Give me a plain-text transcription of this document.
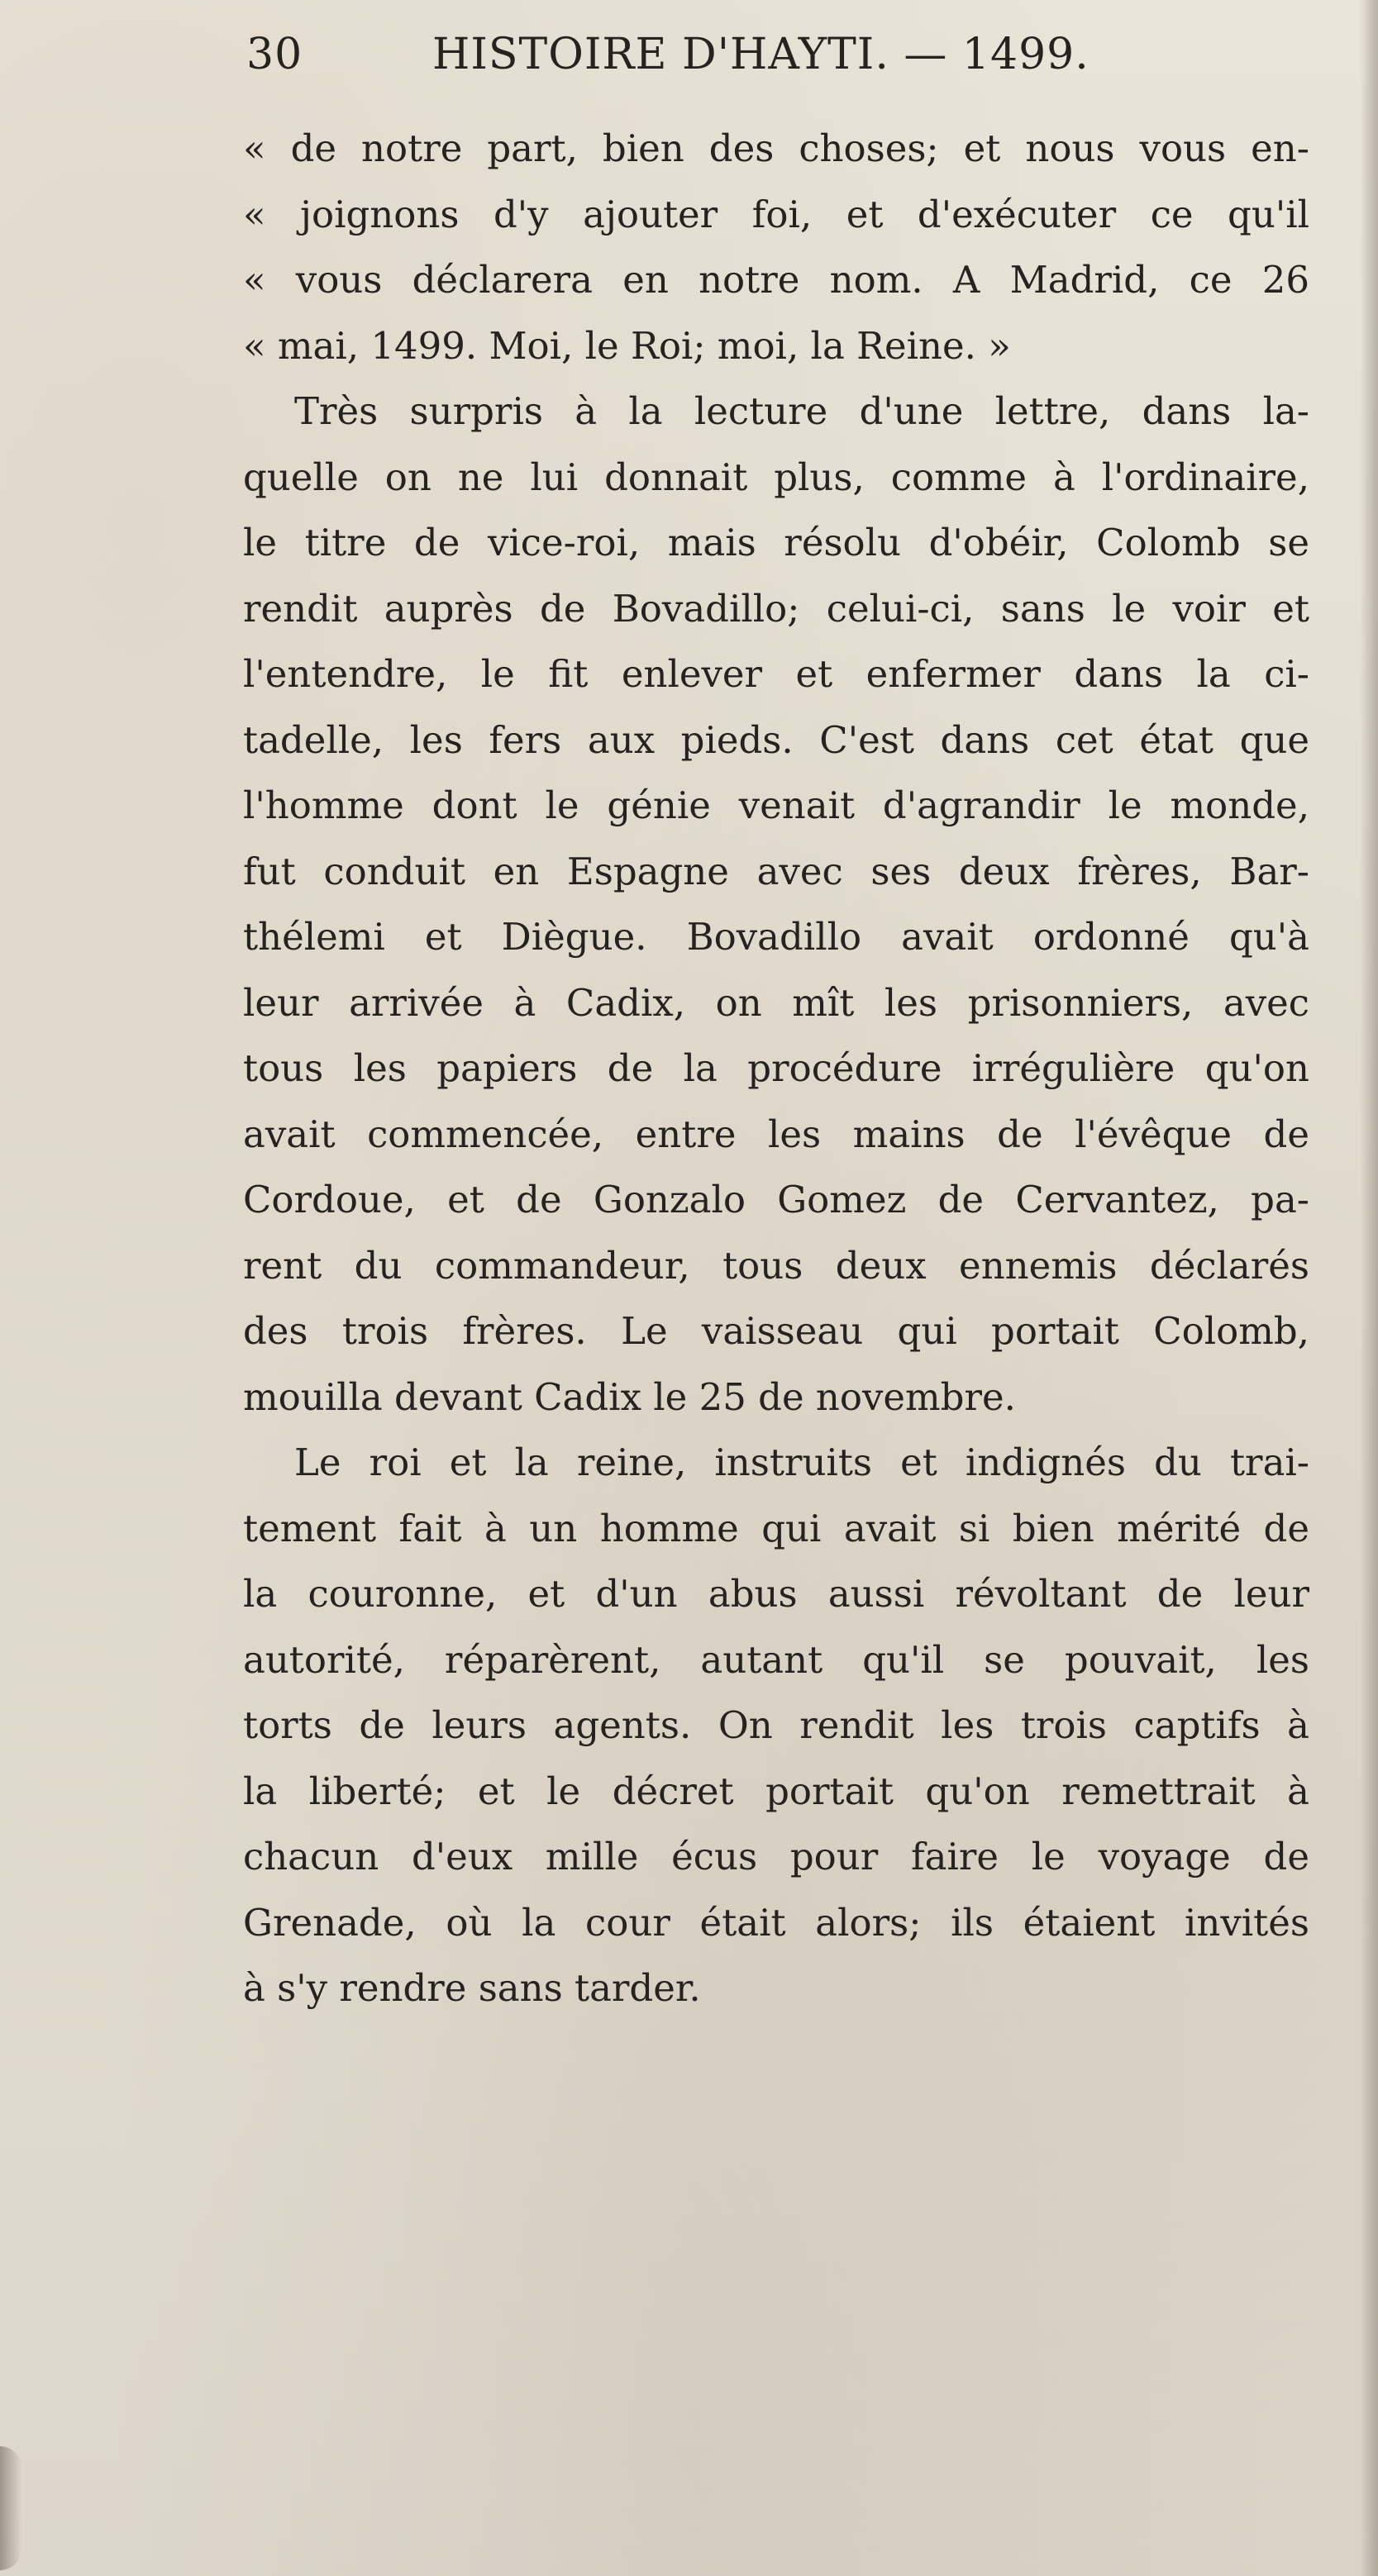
30	HISTOIRE D'HAYTI. — 1499.
« de notre part, bien des choses; et nous vous en-
« joignons d'y ajouter foi, et d'exécuter ce qu'il
« vous déclarera en notre nom. A Madrid, ce 26
« mai, 1499. Moi, le Roi; moi, la Reine. »
Très surpris à la lecture d'une lettre, dans la-
quelle on ne lui donnait plus, comme à l'ordinaire,
le titre de vice-roi, mais résolu d'obéir, Colomb se
rendit auprès de Bovadillo; celui-ci, sans le voir et
l'entendre, le fit enlever et enfermer dans la ci-
tadelle, les fers aux pieds. C'est dans cet état que
l'homme dont le génie venait d'agrandir le monde,
fut conduit en Espagne avec ses deux frères, Bar-
thélemi et Diègue. Bovadillo avait ordonné qu'à
leur arrivée à Cadix, on mît les prisonniers, avec
tous les papiers de la procédure irrégulière qu'on
avait commencée, entre les mains de l'évêque de
Cordoue, et de Gonzalo Gomez de Cervantez, pa-
rent du commandeur, tous deux ennemis déclarés
des trois frères. Le vaisseau qui portait Colomb,
mouilla devant Cadix le 25 de novembre.
Le roi et la reine, instruits et indignés du trai-
tement fait à un homme qui avait si bien mérité de
la couronne, et d'un abus aussi révoltant de leur
autorité, réparèrent, autant qu'il se pouvait, les
torts de leurs agents. On rendit les trois captifs à
la liberté; et le décret portait qu'on remettrait à
chacun d'eux mille écus pour faire le voyage de
Grenade, où la cour était alors; ils étaient invités
à s'y rendre sans tarder.
